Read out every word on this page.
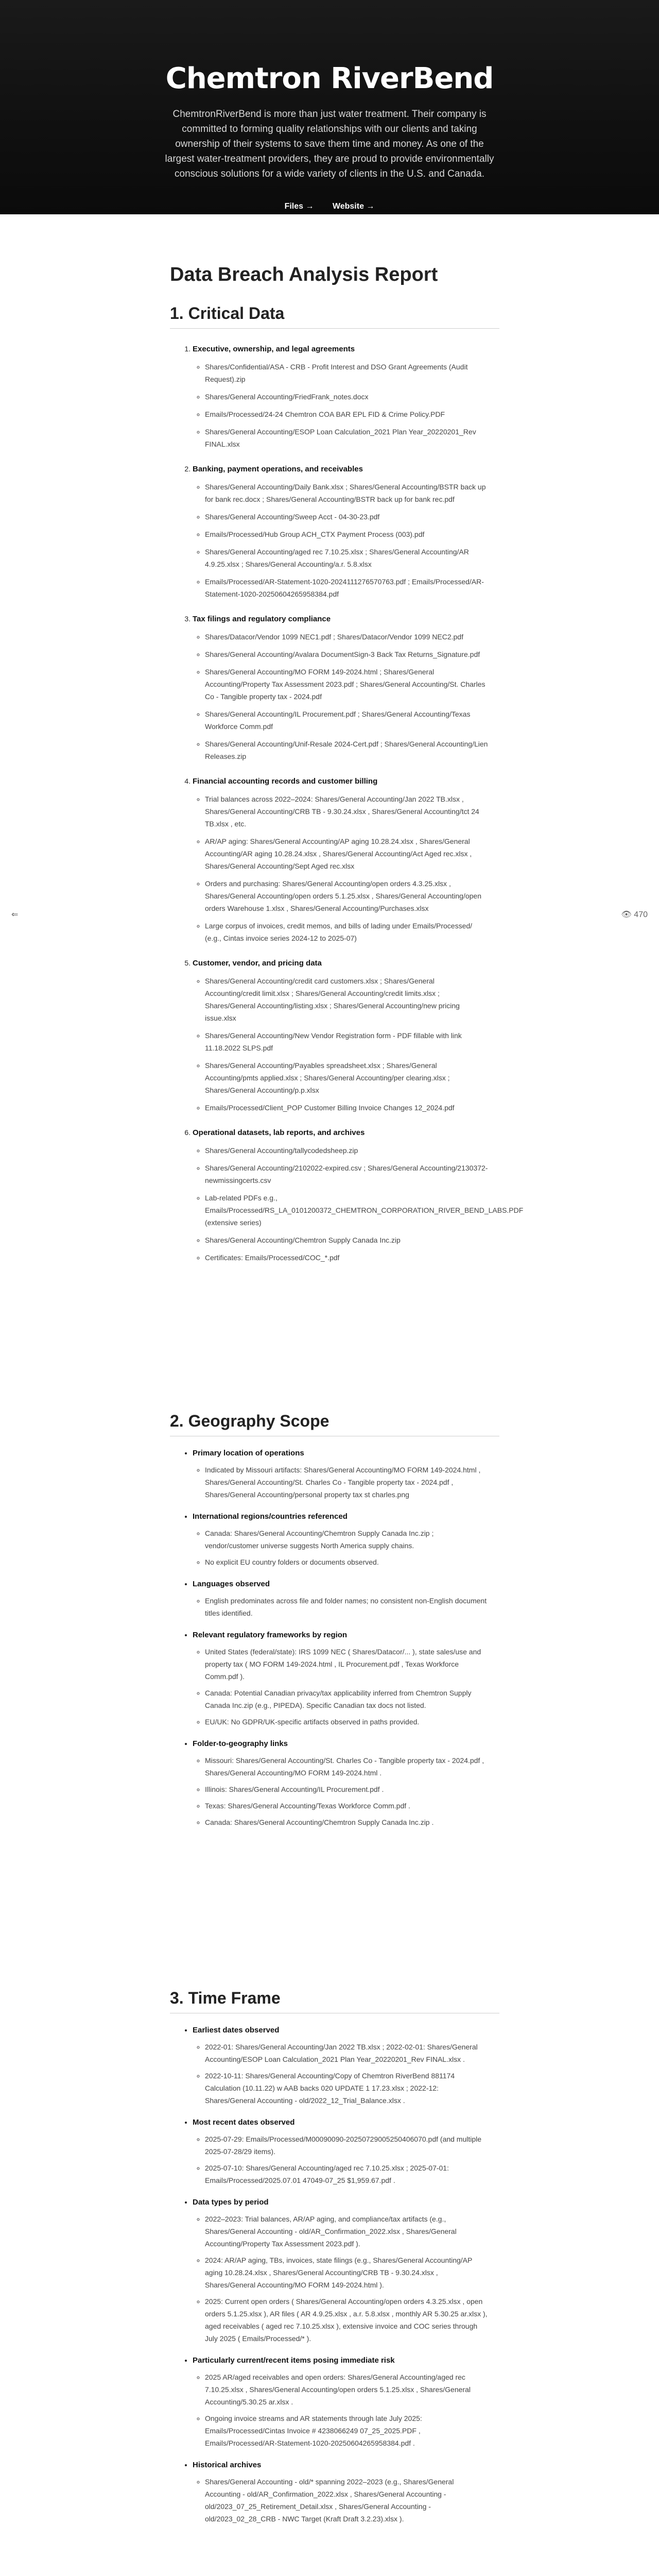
Chemtron RiverBend

ChemtronRiverBend is more than just water treatment. Their company is committed to forming quality relationships with our clients and taking ownership of their systems to save them time and money. As one of the largest water-treatment providers, they are proud to provide environmentally conscious solutions for a wide variety of clients in the U.S. and Canada.

Files → Website →
⇐	👁 470
Data Breach Analysis Report
1. Critical Data
1. Executive, ownership, and legal agreements
◦ Shares/Confidential/ASA - CRB - Profit Interest and DSO Grant Agreements (Audit Request).zip
◦ Shares/General Accounting/FriedFrank_notes.docx
◦ Emails/Processed/24-24 Chemtron COA BAR EPL FID & Crime Policy.PDF
◦ Shares/General Accounting/ESOP Loan Calculation_2021 Plan Year_20220201_Rev FINAL.xlsx
2. Banking, payment operations, and receivables
◦ Shares/General Accounting/Daily Bank.xlsx ; Shares/General Accounting/BSTR back up for bank rec.docx ; Shares/General Accounting/BSTR back up for bank rec.pdf
◦ Shares/General Accounting/Sweep Acct - 04-30-23.pdf
◦ Emails/Processed/Hub Group ACH_CTX Payment Process (003).pdf
◦ Shares/General Accounting/aged rec 7.10.25.xlsx ; Shares/General Accounting/AR 4.9.25.xlsx ; Shares/General Accounting/a.r. 5.8.xlsx
◦ Emails/Processed/AR-Statement-1020-2024111276570763.pdf ; Emails/Processed/AR-Statement-1020-20250604265958384.pdf
3. Tax filings and regulatory compliance
◦ Shares/Datacor/Vendor 1099 NEC1.pdf ; Shares/Datacor/Vendor 1099 NEC2.pdf
◦ Shares/General Accounting/Avalara DocumentSign-3 Back Tax Returns_Signature.pdf
◦ Shares/General Accounting/MO FORM 149-2024.html ; Shares/General Accounting/Property Tax Assessment 2023.pdf ; Shares/General Accounting/St. Charles Co - Tangible property tax - 2024.pdf
◦ Shares/General Accounting/IL Procurement.pdf ; Shares/General Accounting/Texas Workforce Comm.pdf
◦ Shares/General Accounting/Unif-Resale 2024-Cert.pdf ; Shares/General Accounting/Lien Releases.zip
4. Financial accounting records and customer billing
◦ Trial balances across 2022–2024: Shares/General Accounting/Jan 2022 TB.xlsx , Shares/General Accounting/CRB TB - 9.30.24.xlsx , Shares/General Accounting/tct 24 TB.xlsx , etc.
◦ AR/AP aging: Shares/General Accounting/AP aging 10.28.24.xlsx , Shares/General Accounting/AR aging 10.28.24.xlsx , Shares/General Accounting/Act Aged rec.xlsx , Shares/General Accounting/Sept Aged rec.xlsx
◦ Orders and purchasing: Shares/General Accounting/open orders 4.3.25.xlsx , Shares/General Accounting/open orders 5.1.25.xlsx , Shares/General Accounting/open orders Warehouse 1.xlsx , Shares/General Accounting/Purchases.xlsx
◦ Large corpus of invoices, credit memos, and bills of lading under Emails/Processed/ (e.g., Cintas invoice series 2024-12 to 2025-07)
5. Customer, vendor, and pricing data
◦ Shares/General Accounting/credit card customers.xlsx ; Shares/General Accounting/credit limit.xlsx ; Shares/General Accounting/credit limits.xlsx ; Shares/General Accounting/listing.xlsx ; Shares/General Accounting/new pricing issue.xlsx
◦ Shares/General Accounting/New Vendor Registration form - PDF fillable with link 11.18.2022 SLPS.pdf
◦ Shares/General Accounting/Payables spreadsheet.xlsx ; Shares/General Accounting/pmts applied.xlsx ; Shares/General Accounting/per clearing.xlsx ; Shares/General Accounting/p.p.xlsx
◦ Emails/Processed/Client_POP Customer Billing Invoice Changes 12_2024.pdf
6. Operational datasets, lab reports, and archives
◦ Shares/General Accounting/tallycodedsheep.zip
◦ Shares/General Accounting/2102022-expired.csv ; Shares/General Accounting/2130372-newmissingcerts.csv
◦ Lab-related PDFs e.g., Emails/Processed/RS_LA_0101200372_CHEMTRON_CORPORATION_RIVER_BEND_LABS.PDF (extensive series)
◦ Shares/General Accounting/Chemtron Supply Canada Inc.zip
◦ Certificates: Emails/Processed/COC_*.pdf
2. Geography Scope
• Primary location of operations
◦ Indicated by Missouri artifacts: Shares/General Accounting/MO FORM 149-2024.html , Shares/General Accounting/St. Charles Co - Tangible property tax - 2024.pdf , Shares/General Accounting/personal property tax st charles.png
• International regions/countries referenced
◦ Canada: Shares/General Accounting/Chemtron Supply Canada Inc.zip ; vendor/customer universe suggests North America supply chains.
◦ No explicit EU country folders or documents observed.
• Languages observed
◦ English predominates across file and folder names; no consistent non-English document titles identified.
• Relevant regulatory frameworks by region
◦ United States (federal/state): IRS 1099 NEC ( Shares/Datacor/... ), state sales/use and property tax ( MO FORM 149-2024.html , IL Procurement.pdf , Texas Workforce Comm.pdf ).
◦ Canada: Potential Canadian privacy/tax applicability inferred from Chemtron Supply Canada Inc.zip (e.g., PIPEDA). Specific Canadian tax docs not listed.
◦ EU/UK: No GDPR/UK-specific artifacts observed in paths provided.
• Folder-to-geography links
◦ Missouri: Shares/General Accounting/St. Charles Co - Tangible property tax - 2024.pdf , Shares/General Accounting/MO FORM 149-2024.html .
◦ Illinois: Shares/General Accounting/IL Procurement.pdf .
◦ Texas: Shares/General Accounting/Texas Workforce Comm.pdf .
◦ Canada: Shares/General Accounting/Chemtron Supply Canada Inc.zip .
3. Time Frame
• Earliest dates observed
◦ 2022-01: Shares/General Accounting/Jan 2022 TB.xlsx ; 2022-02-01: Shares/General Accounting/ESOP Loan Calculation_2021 Plan Year_20220201_Rev FINAL.xlsx .
◦ 2022-10-11: Shares/General Accounting/Copy of Chemtron RiverBend 881174 Calculation (10.11.22) w AAB backs 020 UPDATE 1 17.23.xlsx ; 2022-12: Shares/General Accounting - old/2022_12_Trial_Balance.xlsx .
• Most recent dates observed
◦ 2025-07-29: Emails/Processed/M00090090-20250729005250406070.pdf (and multiple 2025-07-28/29 items).
◦ 2025-07-10: Shares/General Accounting/aged rec 7.10.25.xlsx ; 2025-07-01: Emails/Processed/2025.07.01 47049-07_25 $1,959.67.pdf .
• Data types by period
◦ 2022–2023: Trial balances, AR/AP aging, and compliance/tax artifacts (e.g., Shares/General Accounting - old/AR_Confirmation_2022.xlsx , Shares/General Accounting/Property Tax Assessment 2023.pdf ).
◦ 2024: AR/AP aging, TBs, invoices, state filings (e.g., Shares/General Accounting/AP aging 10.28.24.xlsx , Shares/General Accounting/CRB TB - 9.30.24.xlsx , Shares/General Accounting/MO FORM 149-2024.html ).
◦ 2025: Current open orders ( Shares/General Accounting/open orders 4.3.25.xlsx , open orders 5.1.25.xlsx ), AR files ( AR 4.9.25.xlsx , a.r. 5.8.xlsx , monthly AR 5.30.25 ar.xlsx ), aged receivables ( aged rec 7.10.25.xlsx ), extensive invoice and COC series through July 2025 ( Emails/Processed/* ).
• Particularly current/recent items posing immediate risk
◦ 2025 AR/aged receivables and open orders: Shares/General Accounting/aged rec 7.10.25.xlsx , Shares/General Accounting/open orders 5.1.25.xlsx , Shares/General Accounting/5.30.25 ar.xlsx .
◦ Ongoing invoice streams and AR statements through late July 2025: Emails/Processed/Cintas Invoice # 4238066249 07_25_2025.PDF , Emails/Processed/AR-Statement-1020-20250604265958384.pdf .
• Historical archives
◦ Shares/General Accounting - old/* spanning 2022–2023 (e.g., Shares/General Accounting - old/AR_Confirmation_2022.xlsx , Shares/General Accounting - old/2023_07_25_Retirement_Detail.xlsx , Shares/General Accounting - old/2023_02_28_CRB - NWC Target (Kraft Draft 3.2.23).xlsx ).
